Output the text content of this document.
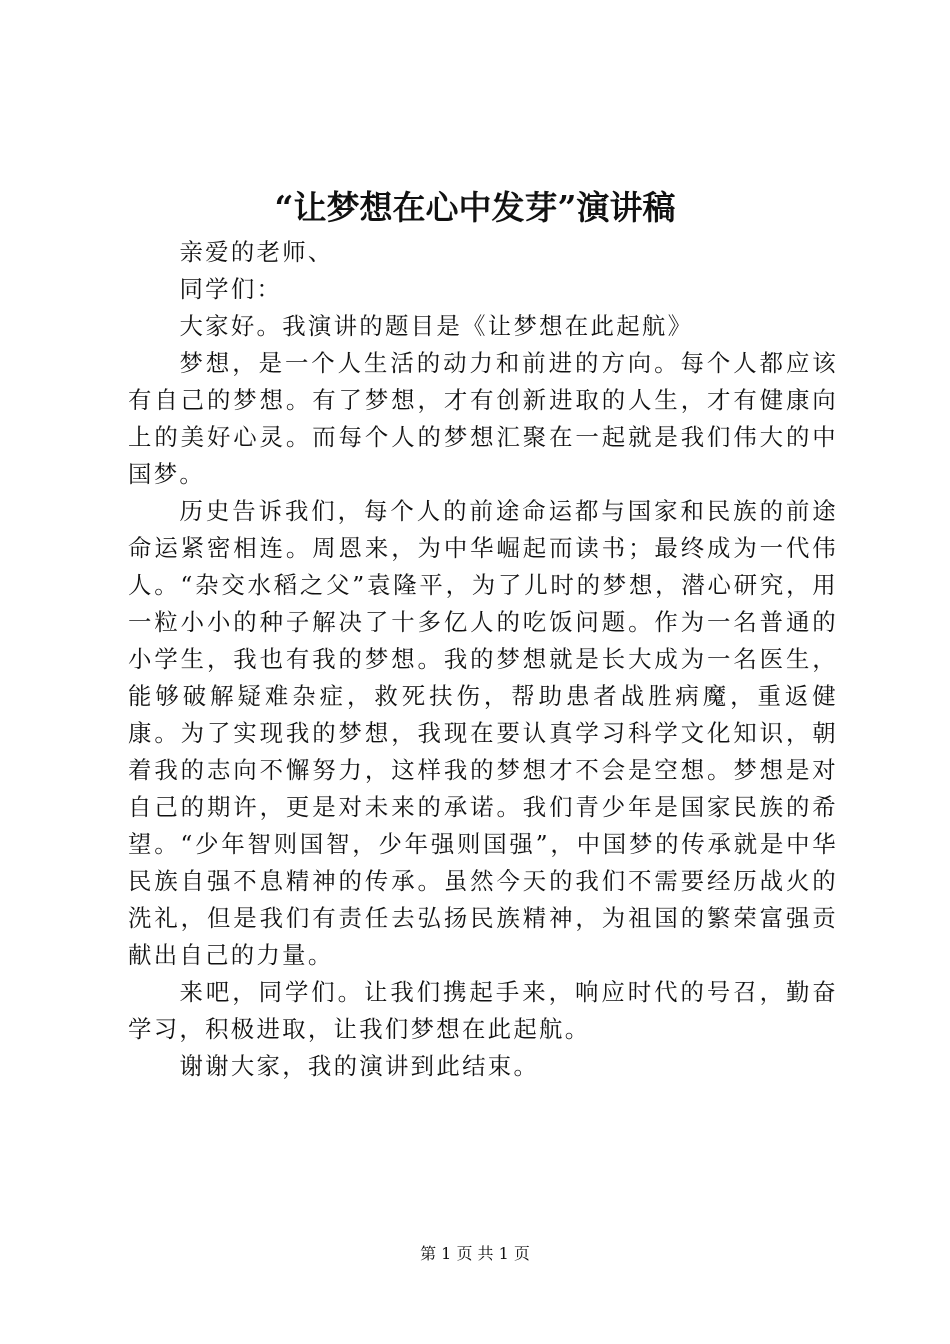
“让梦想在心中发芽”演讲稿

亲爱的老师、

同学们：

大家好。我演讲的题目是《让梦想在此起航》

梦想，是一个人生活的动力和前进的方向。每个人都应该有自己的梦想。有了梦想，才有创新进取的人生，才有健康向上的美好心灵。而每个人的梦想汇聚在一起就是我们伟大的中国梦。

历史告诉我们，每个人的前途命运都与国家和民族的前途命运紧密相连。周恩来，为中华崛起而读书；最终成为一代伟人。“杂交水稻之父”袁隆平，为了儿时的梦想，潜心研究，用一粒小小的种子解决了十多亿人的吃饭问题。作为一名普通的小学生，我也有我的梦想。我的梦想就是长大成为一名医生，能够破解疑难杂症，救死扶伤，帮助患者战胜病魔，重返健康。为了实现我的梦想，我现在要认真学习科学文化知识，朝着我的志向不懈努力，这样我的梦想才不会是空想。梦想是对自己的期许，更是对未来的承诺。我们青少年是国家民族的希望。“少年智则国智，少年强则国强”，中国梦的传承就是中华民族自强不息精神的传承。虽然今天的我们不需要经历战火的洗礼，但是我们有责任去弘扬民族精神，为祖国的繁荣富强贡献出自己的力量。

来吧，同学们。让我们携起手来，响应时代的号召，勤奋学习，积极进取，让我们梦想在此起航。

谢谢大家，我的演讲到此结束。

第 1 页 共 1 页
